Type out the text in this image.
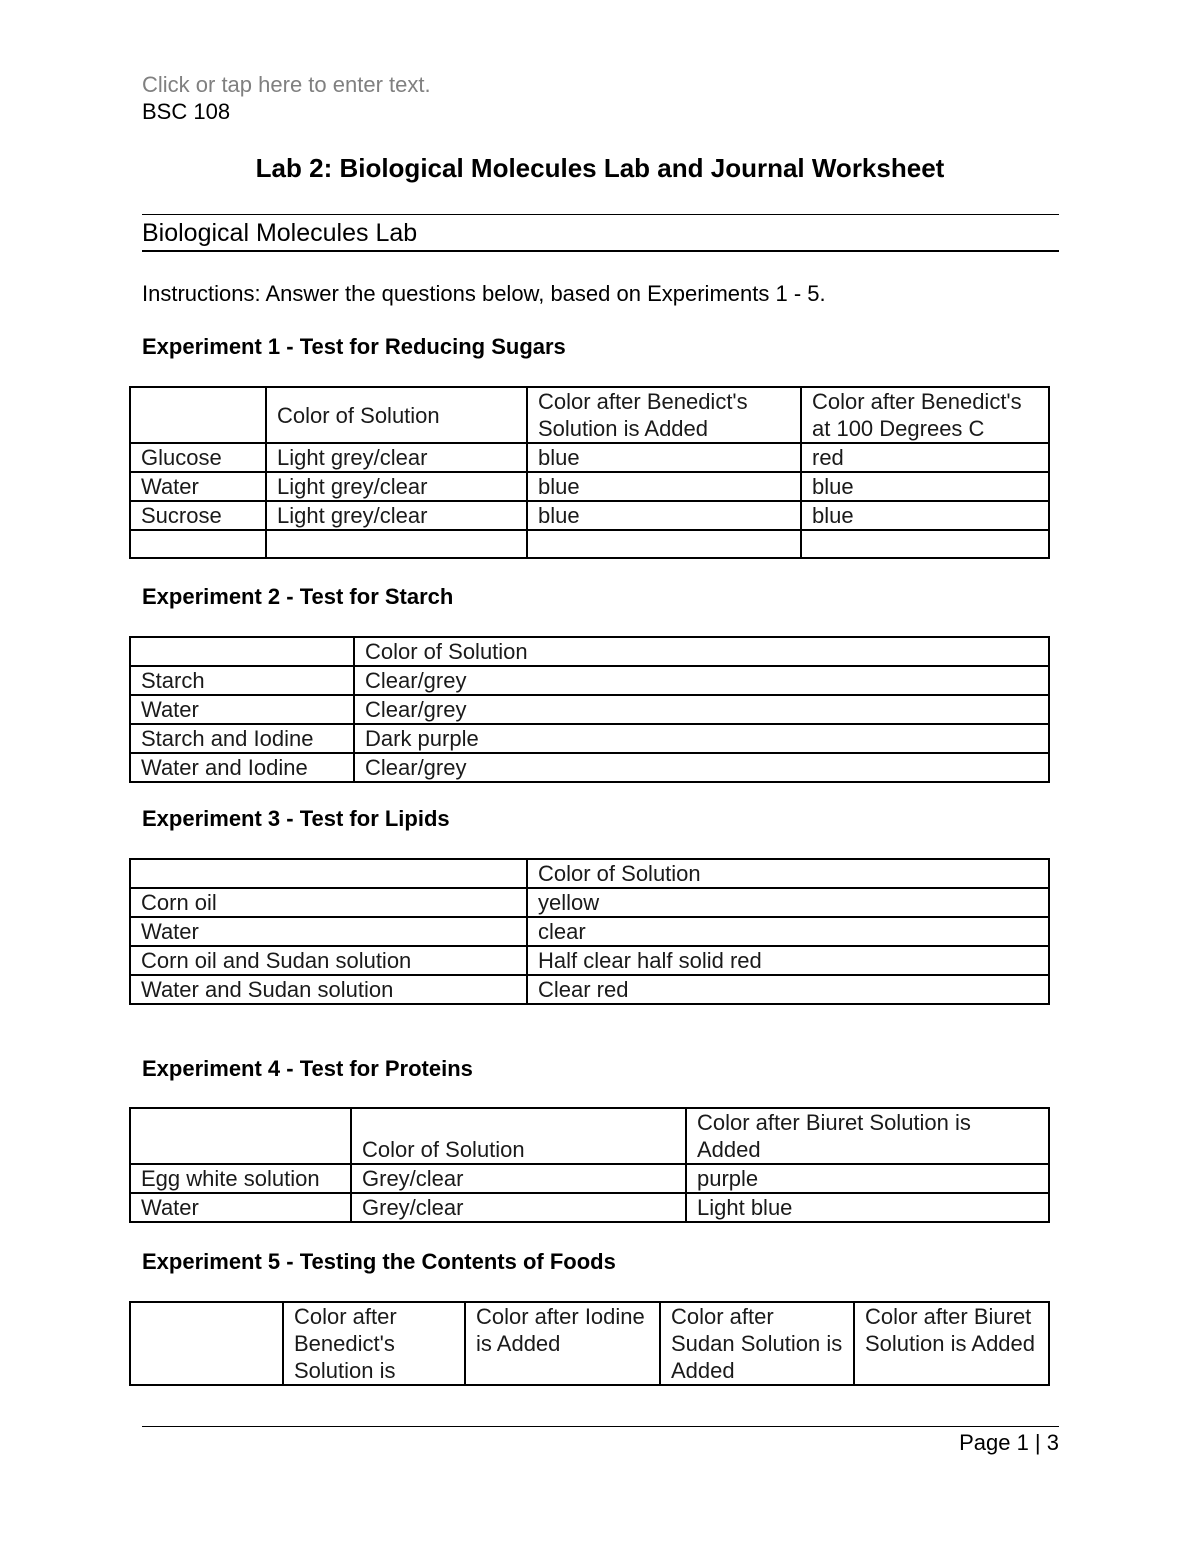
Click or tap here to enter text.
BSC 108
Lab 2: Biological Molecules Lab and Journal Worksheet
Biological Molecules Lab
Instructions: Answer the questions below, based on Experiments 1 - 5.
Experiment 1 - Test for Reducing Sugars
	Color of Solution	Color after Benedict's Solution is Added	Color after Benedict's at 100 Degrees C
Glucose	Light grey/clear	blue	red
Water	Light grey/clear	blue	blue
Sucrose	Light grey/clear	blue	blue

Experiment 2 - Test for Starch
	Color of Solution
Starch	Clear/grey
Water	Clear/grey
Starch and Iodine	Dark purple
Water and Iodine	Clear/grey
Experiment 3 - Test for Lipids
	Color of Solution
Corn oil	yellow
Water	clear
Corn oil and Sudan solution	Half clear half solid red
Water and Sudan solution	Clear red
Experiment 4 - Test for Proteins
	Color of Solution	Color after Biuret Solution is Added
Egg white solution	Grey/clear	purple
Water	Grey/clear	Light blue
Experiment 5 - Testing the Contents of Foods
	Color after Benedict's Solution is	Color after Iodine is Added	Color after Sudan Solution is Added	Color after Biuret Solution is Added
Page 1 | 3
